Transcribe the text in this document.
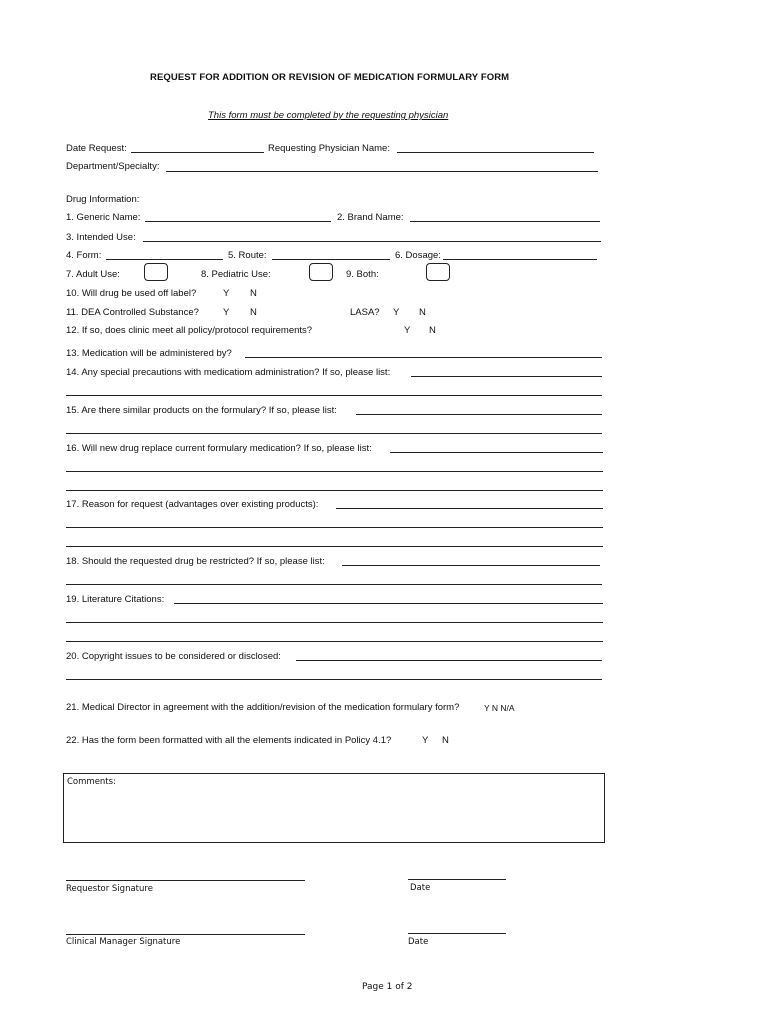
REQUEST FOR ADDITION OR REVISION OF MEDICATION FORMULARY FORM
This form must be completed by the requesting physician
Date Request:	Requesting Physician Name:
Department/Specialty:
Drug Information:
1. Generic Name:	2. Brand Name:
3. Intended Use:
4. Form:	5. Route:	6. Dosage:
7. Adult Use:	8. Pediatric Use:	9. Both:
10. Will drug be used off label?	Y N
11. DEA Controlled Substance?	Y N	LASA? Y N
12. If so, does clinic meet all policy/protocol requirements?	Y N
13. Medication will be administered by?
14. Any special precautions with medicatiom administration? If so, please list:
15. Are there similar products on the formulary? If so, please list:
16. Will new drug replace current formulary medication? If so, please list:
17. Reason for request (advantages over existing products):
18. Should the requested drug be restricted? If so, please list:
19. Literature Citations:
20. Copyright issues to be considered or disclosed:
21. Medical Director in agreement with the addition/revision of the medication formulary form?	Y N N/A
22. Has the form been formatted with all the elements indicated in Policy 4.1?	Y N
Comments:
Requestor Signature	Date
Clinical Manager Signature	Date
Page 1 of 2
